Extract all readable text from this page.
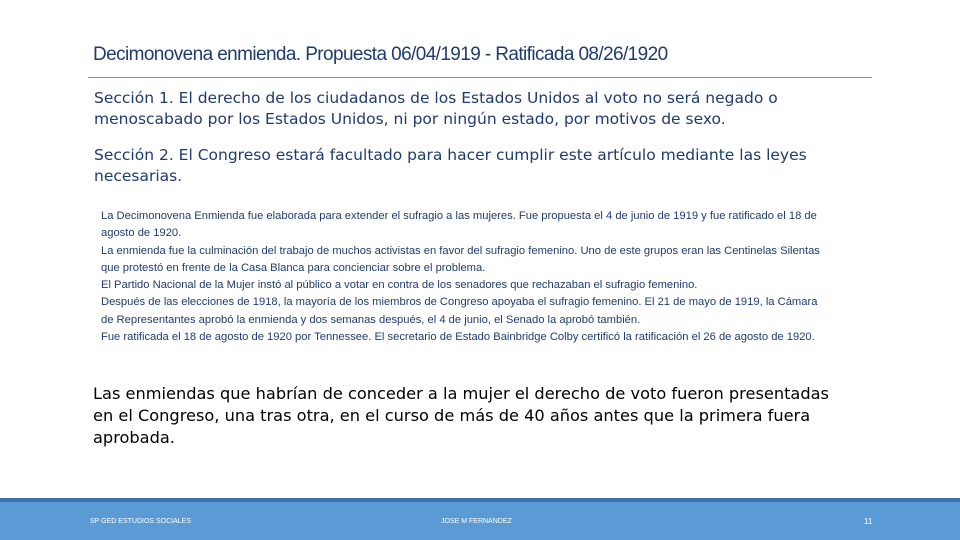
Decimonovena enmienda. Propuesta 06/04/1919 - Ratificada 08/26/1920

Sección 1. El derecho de los ciudadanos de los Estados Unidos al voto no será negado o menoscabado por los Estados Unidos, ni por ningún estado, por motivos de sexo.

Sección 2. El Congreso estará facultado para hacer cumplir este artículo mediante las leyes necesarias.

La Decimonovena Enmienda fue elaborada para extender el sufragio a las mujeres. Fue propuesta el 4 de junio de 1919 y fue ratificado el 18 de agosto de 1920.
La enmienda fue la culminación del trabajo de muchos activistas en favor del sufragio femenino. Uno de este grupos eran las Centinelas Silentas que protestó en frente de la Casa Blanca para concienciar sobre el problema.
El Partido Nacional de la Mujer instó al público a votar en contra de los senadores que rechazaban el sufragio femenino.
Después de las elecciones de 1918, la mayoría de los miembros de Congreso apoyaba el sufragio femenino. El 21 de mayo de 1919, la Cámara de Representantes aprobó la enmienda y dos semanas después, el 4 de junio, el Senado la aprobó también.
Fue ratificada el 18 de agosto de 1920 por Tennessee. El secretario de Estado Bainbridge Colby certificó la ratificación el 26 de agosto de 1920.

Las enmiendas que habrían de conceder a la mujer el derecho de voto fueron presentadas en el Congreso, una tras otra, en el curso de más de 40 años antes que la primera fuera aprobada.

SP GED ESTUDIOS SOCIALES	JOSE M FERNANDEZ	11
